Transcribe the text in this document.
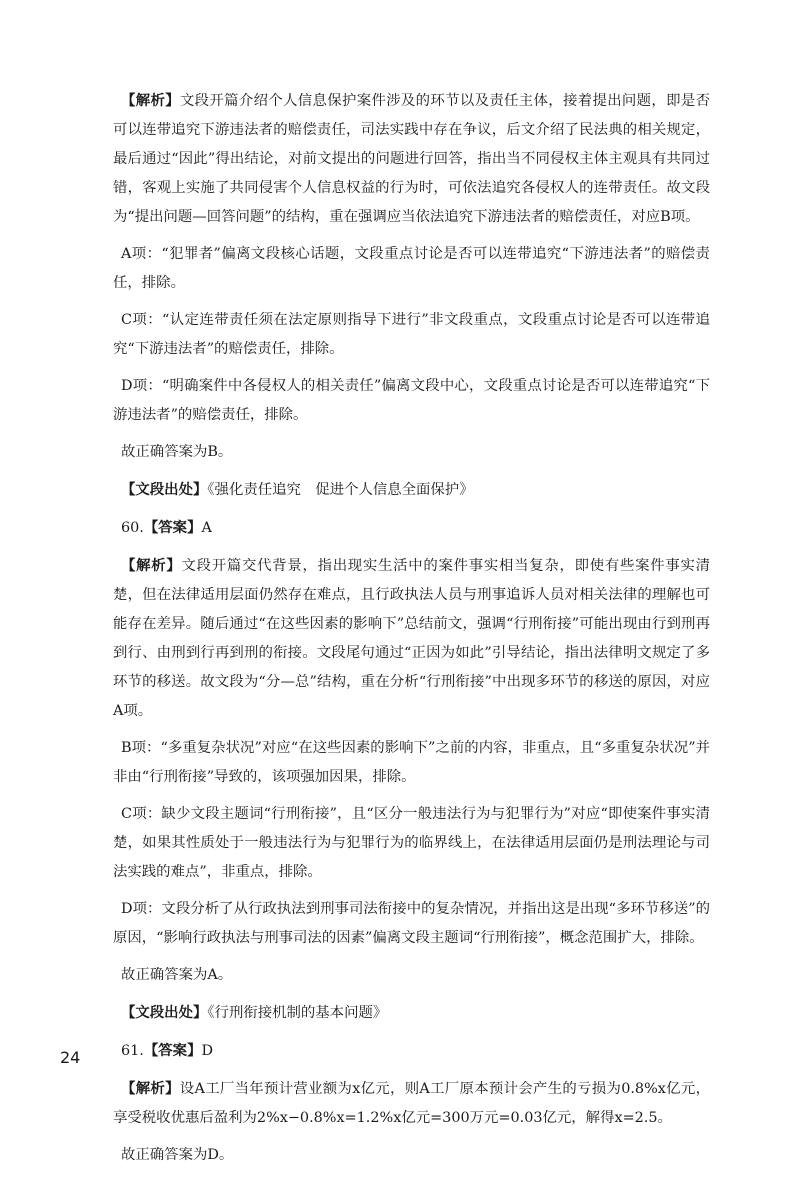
【解析】文段开篇介绍个人信息保护案件涉及的环节以及责任主体，接着提出问题，即是否可以连带追究下游违法者的赔偿责任，司法实践中存在争议，后文介绍了民法典的相关规定，最后通过“因此”得出结论，对前文提出的问题进行回答，指出当不同侵权主体主观具有共同过错，客观上实施了共同侵害个人信息权益的行为时，可依法追究各侵权人的连带责任。故文段为“提出问题—回答问题”的结构，重在强调应当依法追究下游违法者的赔偿责任，对应B项。

A项：“犯罪者”偏离文段核心话题，文段重点讨论是否可以连带追究“下游违法者”的赔偿责任，排除。

C项：“认定连带责任须在法定原则指导下进行”非文段重点，文段重点讨论是否可以连带追究“下游违法者”的赔偿责任，排除。

D项：“明确案件中各侵权人的相关责任”偏离文段中心，文段重点讨论是否可以连带追究“下游违法者”的赔偿责任，排除。

故正确答案为B。

【文段出处】《强化责任追究　促进个人信息全面保护》

60.【答案】A

【解析】文段开篇交代背景，指出现实生活中的案件事实相当复杂，即使有些案件事实清楚，但在法律适用层面仍然存在难点，且行政执法人员与刑事追诉人员对相关法律的理解也可能存在差异。随后通过“在这些因素的影响下”总结前文，强调“行刑衔接”可能出现由行到刑再到行、由刑到行再到刑的衔接。文段尾句通过“正因为如此”引导结论，指出法律明文规定了多环节的移送。故文段为“分—总”结构，重在分析“行刑衔接”中出现多环节的移送的原因，对应A项。

B项：“多重复杂状况”对应“在这些因素的影响下”之前的内容，非重点，且“多重复杂状况”并非由“行刑衔接”导致的，该项强加因果，排除。

C项：缺少文段主题词“行刑衔接”，且“区分一般违法行为与犯罪行为”对应“即使案件事实清楚，如果其性质处于一般违法行为与犯罪行为的临界线上，在法律适用层面仍是刑法理论与司法实践的难点”，非重点，排除。

D项：文段分析了从行政执法到刑事司法衔接中的复杂情况，并指出这是出现“多环节移送”的原因，“影响行政执法与刑事司法的因素”偏离文段主题词“行刑衔接”，概念范围扩大，排除。

故正确答案为A。

【文段出处】《行刑衔接机制的基本问题》

61.【答案】D

【解析】设A工厂当年预计营业额为x亿元，则A工厂原本预计会产生的亏损为0.8%x亿元，享受税收优惠后盈利为2%x−0.8%x=1.2%x亿元=300万元=0.03亿元，解得x=2.5。

故正确答案为D。

24
